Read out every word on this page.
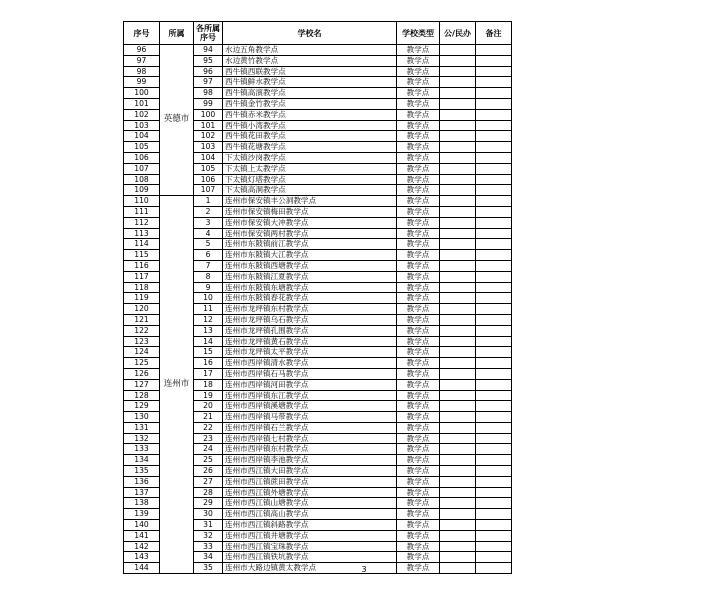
序号	所属	各所属
序号	学校名	学校类型	公/民办	备注
96	英德市	94	水边五角教学点	教学点		
97		95	水边黄竹教学点	教学点		
98		96	西牛镇西联教学点	教学点		
99		97	西牛镇鲜水教学点	教学点		
100		98	西牛镇高演教学点	教学点		
101		99	西牛镇金竹教学点	教学点		
102		100	西牛镇赤米教学点	教学点		
103		101	西牛镇小湾教学点	教学点		
104		102	西牛镇花田教学点	教学点		
105		103	西牛镇花塘教学点	教学点		
106		104	下太镇沙岗教学点	教学点		
107		105	下太镇上太教学点	教学点		
108		106	下太镇灯塔教学点	教学点		
109		107	下太镇高洞教学点	教学点		
110	连州市	1	连州市保安镇丰公洞教学点	教学点		
111		2	连州市保安镇梅田教学点	教学点		
112		3	连州市保安镇大冲教学点	教学点		
113		4	连州市保安镇两村教学点	教学点		
114		5	连州市东陂镇前江教学点	教学点		
115		6	连州市东陂镇大江教学点	教学点		
116		7	连州市东陂镇西塘教学点	教学点		
117		8	连州市东陂镇江夏教学点	教学点		
118		9	连州市东陂镇东塘教学点	教学点		
119		10	连州市东陂镇春花教学点	教学点		
120		11	连州市龙坪镇东村教学点	教学点		
121		12	连州市龙坪镇乌石教学点	教学点		
122		13	连州市龙坪镇孔围教学点	教学点		
123		14	连州市龙坪镇黄石教学点	教学点		
124		15	连州市龙坪镇太平教学点	教学点		
125		16	连州市西岸镇清水教学点	教学点		
126		17	连州市西岸镇石马教学点	教学点		
127		18	连州市西岸镇河田教学点	教学点		
128		19	连州市西岸镇东江教学点	教学点		
129		20	连州市西岸镇溪塘教学点	教学点		
130		21	连州市西岸镇马带教学点	教学点		
131		22	连州市西岸镇石兰教学点	教学点		
132		23	连州市西岸镇七村教学点	教学点		
133		24	连州市西岸镇东村教学点	教学点		
134		25	连州市西岸镇李池教学点	教学点		
135		26	连州市西江镇大田教学点	教学点		
136		27	连州市西江镇蔗田教学点	教学点		
137		28	连州市西江镇外塘教学点	教学点		
138		29	连州市西江镇山塘教学点	教学点		
139		30	连州市西江镇高山教学点	教学点		
140		31	连州市西江镇斜路教学点	教学点		
141		32	连州市西江镇井塘教学点	教学点		
142		33	连州市西江镇宝珠教学点	教学点		
143		34	连州市西江镇铁坑教学点	教学点		
144		35	连州市大路边镇黄太教学点	教学点		
3
